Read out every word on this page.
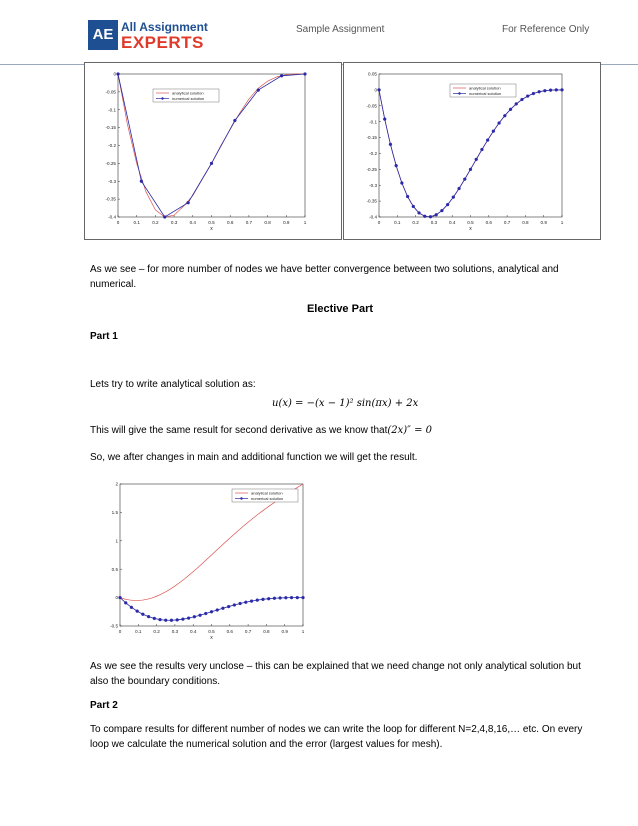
AE All Assignment
EXPERTS
Sample Assignment	For Reference Only
0	0.1	0.2	0.3	0.4	0.5	0.6	0.7	0.8	0.9	1
0
-0.05
-0.1
-0.15
-0.2
-0.25
-0.3
-0.35
-0.4
x
analytical solution
numerical solution
0	0.1	0.2	0.3	0.4	0.5	0.6	0.7	0.8	0.9	1
0.05
0
-0.05
-0.1
-0.15
-0.2
-0.25
-0.3
-0.35
-0.4
x
analytical solution
numerical solution
As we see – for more number of nodes we have better convergence between two solutions, analytical and numerical.
Elective Part
Part 1
Lets try to write analytical solution as:
u(x) = −(x − 1)² sin(πx) + 2x
This will give the same result for second derivative as we know that(2x)″ = 0
So, we after changes in main and additional function we will get the result.
0	0.1	0.2	0.3	0.4	0.5	0.6	0.7	0.8	0.9	1
2
1.5
1
0.5
0
-0.5
x
analytical solution
numerical solution
As we see the results very unclose – this can be explained that we need change not only analytical solution but also the boundary conditions.
Part 2
To compare results for different number of nodes we can write the loop for different N=2,4,8,16,… etc. On every loop we calculate the numerical solution and the error (largest values for mesh).
